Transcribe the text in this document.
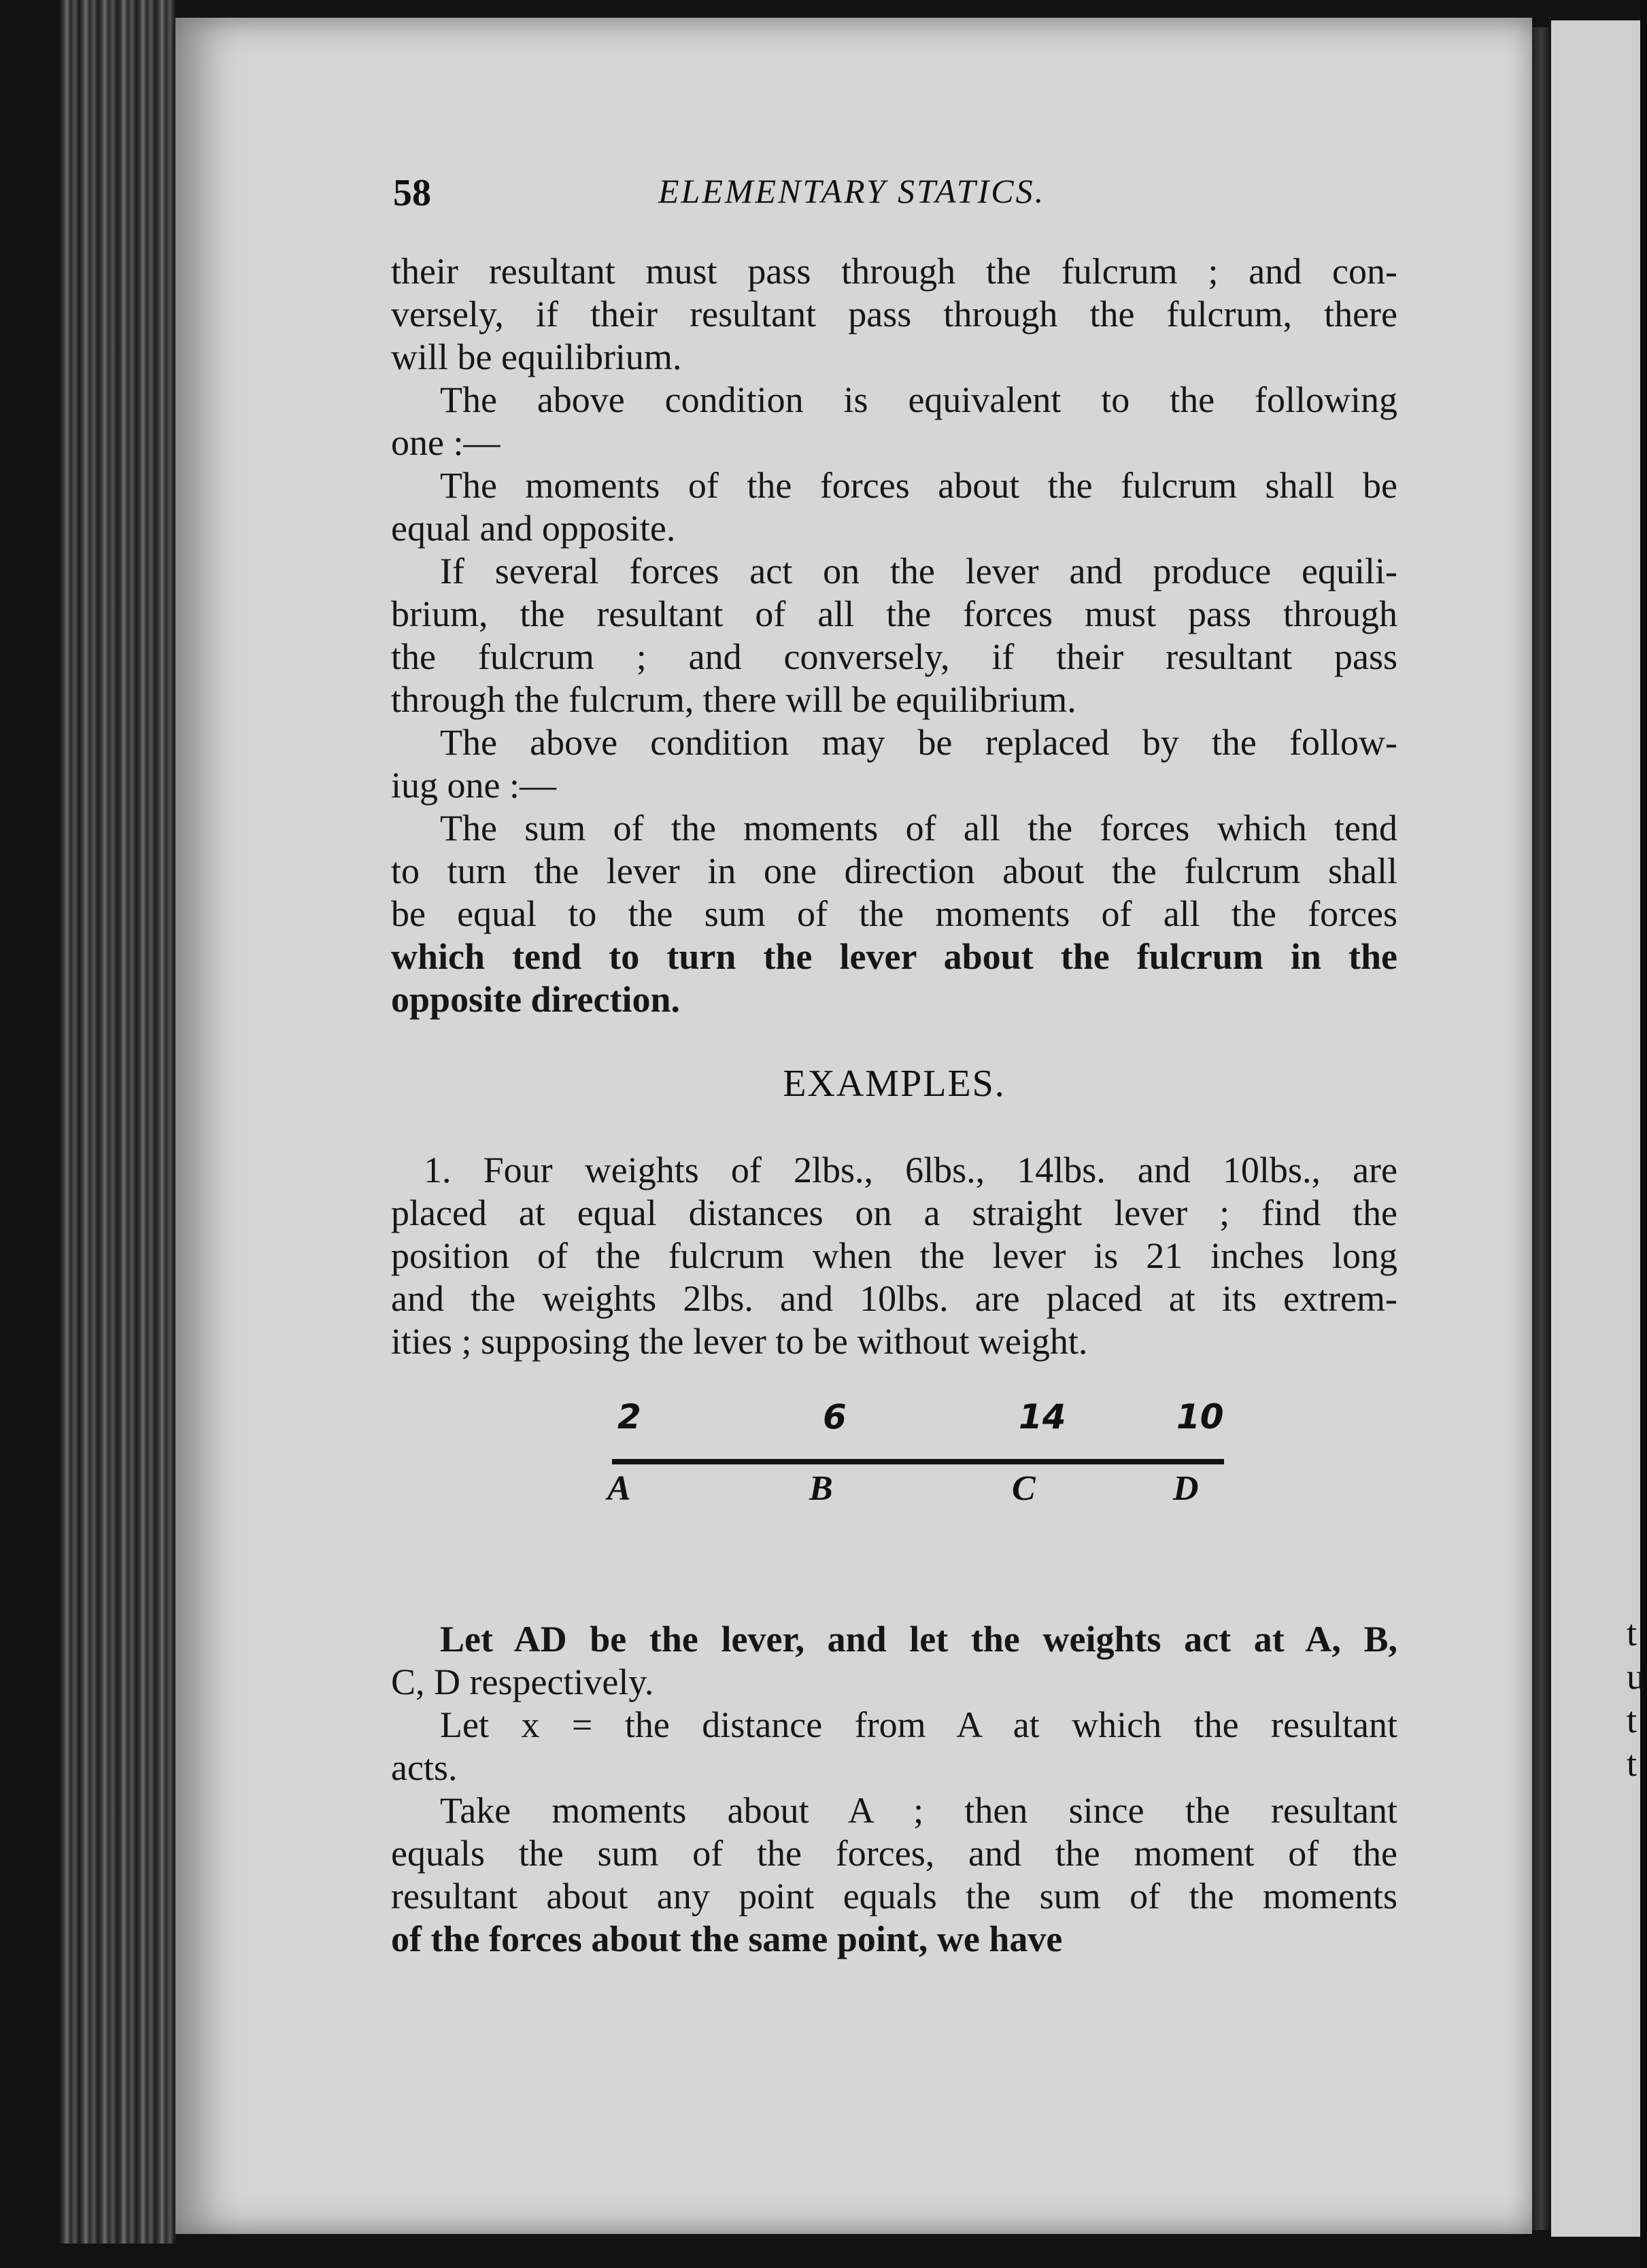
t
u
t
t
58	ELEMENTARY STATICS.
their resultant must pass through the fulcrum ; and con-
versely, if their resultant pass through the fulcrum, there
will be equilibrium.
The above condition is equivalent to the following
one :—
The moments of the forces about the fulcrum shall be
equal and opposite.
If several forces act on the lever and produce equili-
brium, the resultant of all the forces must pass through
the fulcrum ; and conversely, if their resultant pass
through the fulcrum, there will be equilibrium.
The above condition may be replaced by the follow-
iug one :—
The sum of the moments of all the forces which tend
to turn the lever in one direction about the fulcrum shall
be equal to the sum of the moments of all the forces
which tend to turn the lever about the fulcrum in the
opposite direction.
EXAMPLES.
1. Four weights of 2lbs., 6lbs., 14lbs. and 10lbs., are
placed at equal distances on a straight lever ; find the
position of the fulcrum when the lever is 21 inches long
and the weights 2lbs. and 10lbs. are placed at its extrem-
ities ; supposing the lever to be without weight.
2	6	14	10
A	B	C	D
Let AD be the lever, and let the weights act at A, B,
C, D respectively.
Let x = the distance from A at which the resultant
acts.
Take moments about A ; then since the resultant
equals the sum of the forces, and the moment of the
resultant about any point equals the sum of the moments
of the forces about the same point, we have
